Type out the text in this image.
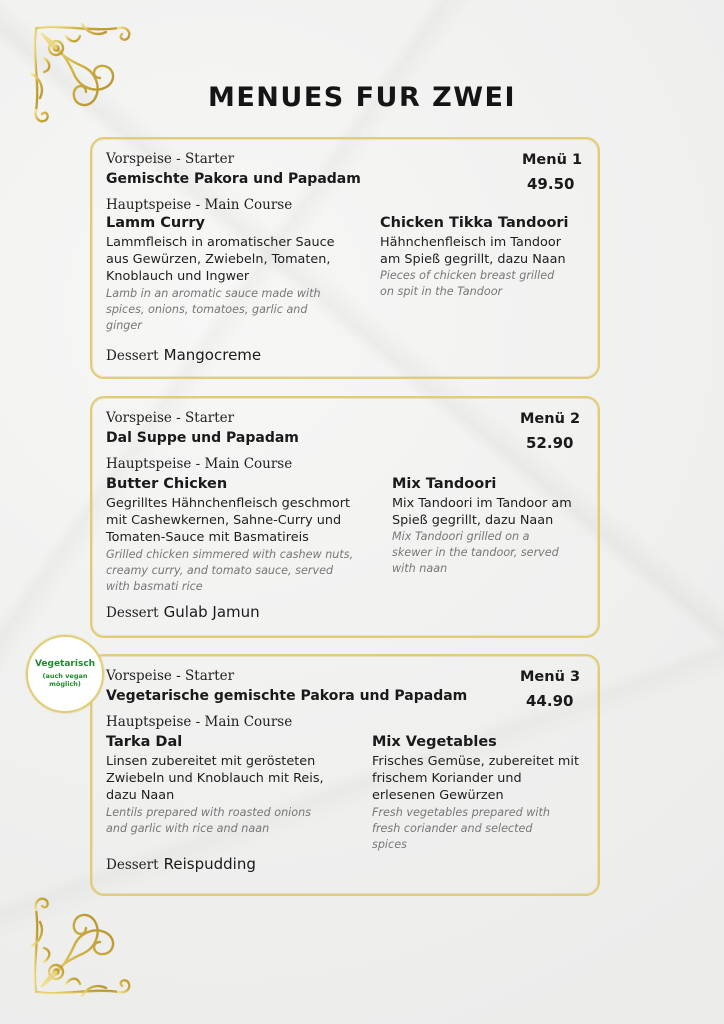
MENUES FUR ZWEI
Vorspeise - Starter
Gemischte Pakora und Papadam
Menü 1
49.50
Hauptspeise - Main Course
Lamm Curry
Lammfleisch in aromatischer Sauce aus Gewürzen, Zwiebeln, Tomaten, Knoblauch und Ingwer
Lamb in an aromatic sauce made with spices, onions, tomatoes, garlic and ginger
Chicken Tikka Tandoori
Hähnchenfleisch im Tandoor am Spieß gegrillt, dazu Naan
Pieces of chicken breast grilled on spit in the Tandoor
Dessert Mangocreme
Vorspeise - Starter
Dal Suppe und Papadam
Menü 2
52.90
Hauptspeise - Main Course
Butter Chicken
Gegrilltes Hähnchenfleisch geschmort mit Cashewkernen, Sahne-Curry und Tomaten-Sauce mit Basmatireis
Grilled chicken simmered with cashew nuts, creamy curry, and tomato sauce, served with basmati rice
Mix Tandoori
Mix Tandoori im Tandoor am Spieß gegrillt, dazu Naan
Mix Tandoori grilled on a skewer in the tandoor, served with naan
Dessert Gulab Jamun
Vorspeise - Starter
Vegetarische gemischte Pakora und Papadam
Menü 3
44.90
Hauptspeise - Main Course
Tarka Dal
Linsen zubereitet mit gerösteten Zwiebeln und Knoblauch mit Reis, dazu Naan
Lentils prepared with roasted onions and garlic with rice and naan
Mix Vegetables
Frisches Gemüse, zubereitet mit frischem Koriander und erlesenen Gewürzen
Fresh vegetables prepared with fresh coriander and selected spices
Dessert Reispudding
Vegetarisch
(auch vegan
möglich)
